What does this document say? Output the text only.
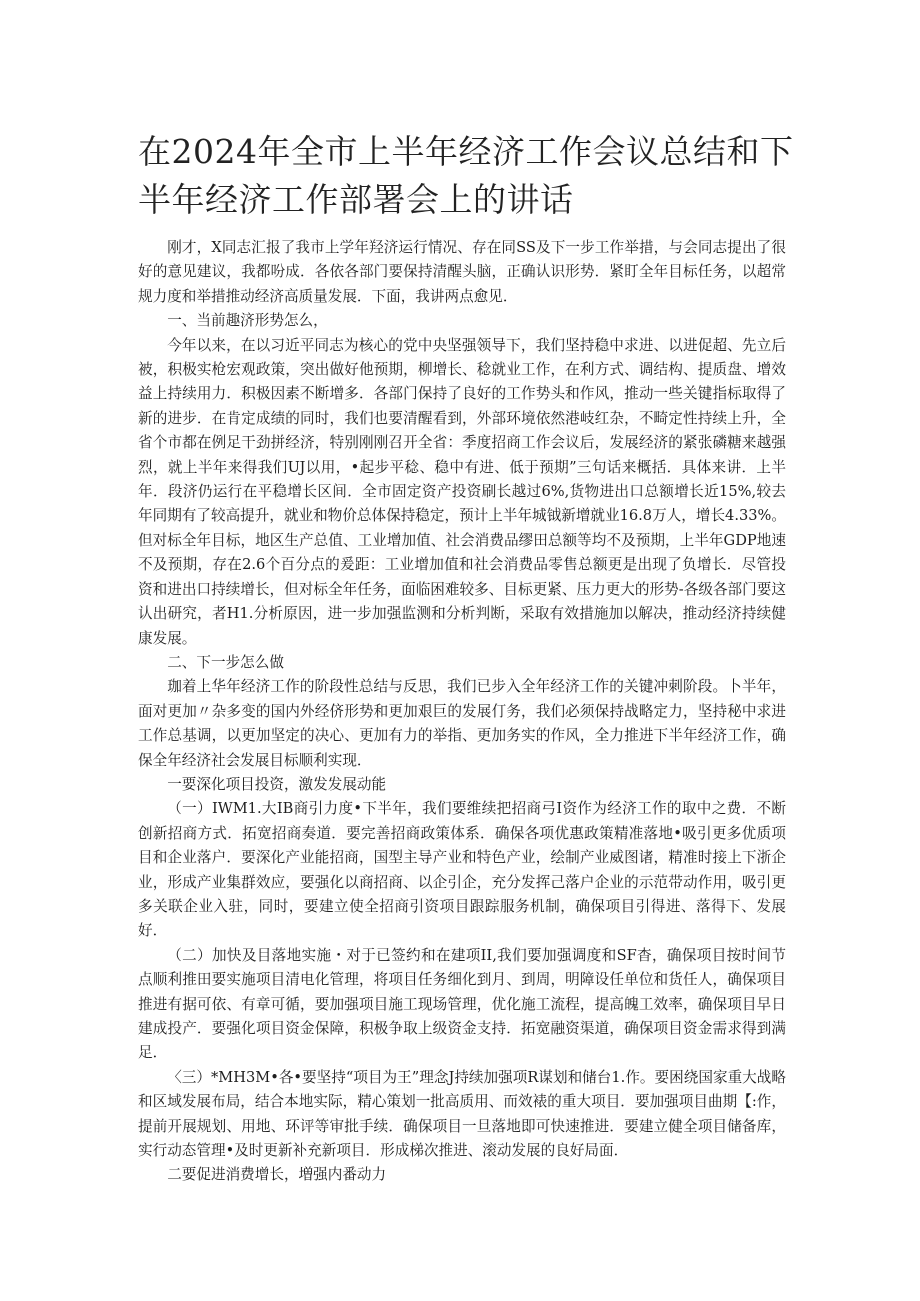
在2024年全市上半年经济工作会议总结和下半年经济工作部署会上的讲话

刚才，X同志汇报了我市上学年羟济运行情况、存在同SS及下一步工作举措，与会同志提出了很好的意见建议，我都吩成．各依各部门要保持清醒头脑，正确认识形势．紧盯全年目标任务，以超常规力度和举措推动经济高质量发展．下面，我讲两点愈见．

一、当前趣济形势怎么，

今年以来，在以习近平同志为核心的党中央坚强领导下，我们坚持稳中求进、以进促超、先立后被，积极实枪宏观政策，突出做好他预期，柳增长、稔就业工作，在利方式、调结构、提质盘、增效益上持续用力．积极因素不断增多．各部门保持了良好的工作势头和作风，推动一些关键指标取得了新的进步．在肯定成绩的同时，我们也要清醒看到，外部环境依然港岐红杂，不畸定性持续上升，全省个市都在例足干劲拼经济，特别刚刚召开全省：季度招商工作会议后，发展经济的紧张磷糖来越强烈，就上半年来得我们UJ以用，•起步平稔、稳中有进、低于预期”三句话来概括．具体来讲．上半年．段济仍运行在平稳增长区间．全市固定资产投资刷长越过6%,货物进出口总额增长近15%,较去年同期有了较高提升，就业和物价总体保持稳定，预计上半年城钺新增就业16.8万人，增长4.33%。但对标全年目标，地区生产总值、工业增加值、社会消费品缪田总额等均不及预期，上半年GDP地速不及预期，存在2.6个百分点的爰距：工业增加值和社会消费品零售总额更是出现了负增长．尽管投资和进出口持续增长，但对标全年任务，面临困难较多、目标更紧、压力更大的形势-各级各部门要这认出研究，者H1.分析原因，进一步加强监测和分析判断，采取有效措施加以解决，推动经济持续健康发展。

二、下一步怎么做

珈着上华年经济工作的阶段性总结与反思，我们已步入全年经济工作的关键冲刺阶段。卜半年，面对更加〃杂多变的国内外经侪形势和更加艰巨的发展仃务，我们必须保持战略定力，坚持秘中求进工作总基调，以更加坚定的决心、更加有力的举指、更加务实的作风，全力推进下半年经济工作，确保全年经济社会发展目标顺利实现．

一要深化项目投资，激发发展动能

（一）IWM1.大IB商引力度•下半年，我们要维续把招商弓I资作为经济工作的取中之费．不断创新招商方式．拓宽招商奏道．要完善招商政策体系．确保各项优惠政策精准落地•吸引更多优质项目和企业落户．要深化产业能招商，国型主导产业和特色产业，绘制产业威图诸，精准时接上下浙企业，形成产业集群效应，要强化以商招商、以企引企，充分发挥己落户企业的示范带动作用，吸引更多关联企业入驻，同时，要建立使全招商引资项目跟踪服务机制，确保项目引得进、落得下、发展好．

（二）加快及目落地实施・对于已签约和在建项II,我们要加强调度和SF杳，确保项目按时间节点顺利推田要实施项目清电化管理，将项目任务细化到月、到周，明障设任单位和货任人，确保项目推进有据可依、有章可循，要加强项目施工现场管理，优化施工流程，提高魄工效率，确保项目早日建成投产．要强化项目资金保障，积极争取上级资金支持．拓宽融资渠道，确保项目资金需求得到满足．

〈三）*MH3M•各•要坚持“项目为王”理念J持续加强项R谋划和储台1.作。要困绕国家重大战略和区域发展布局，结合本地实际，精心策划一批高质用、而效裱的重大项目．要加强项目曲期【:作，提前开展规划、用地、环评等审批手续．确保项目一旦落地即可快速推进．要建立健全项目储备库，实行动态管理•及时更新补充新项目．形成梯次推进、滚动发展的良好局面．

二要促进消费增长，増强内番动力
